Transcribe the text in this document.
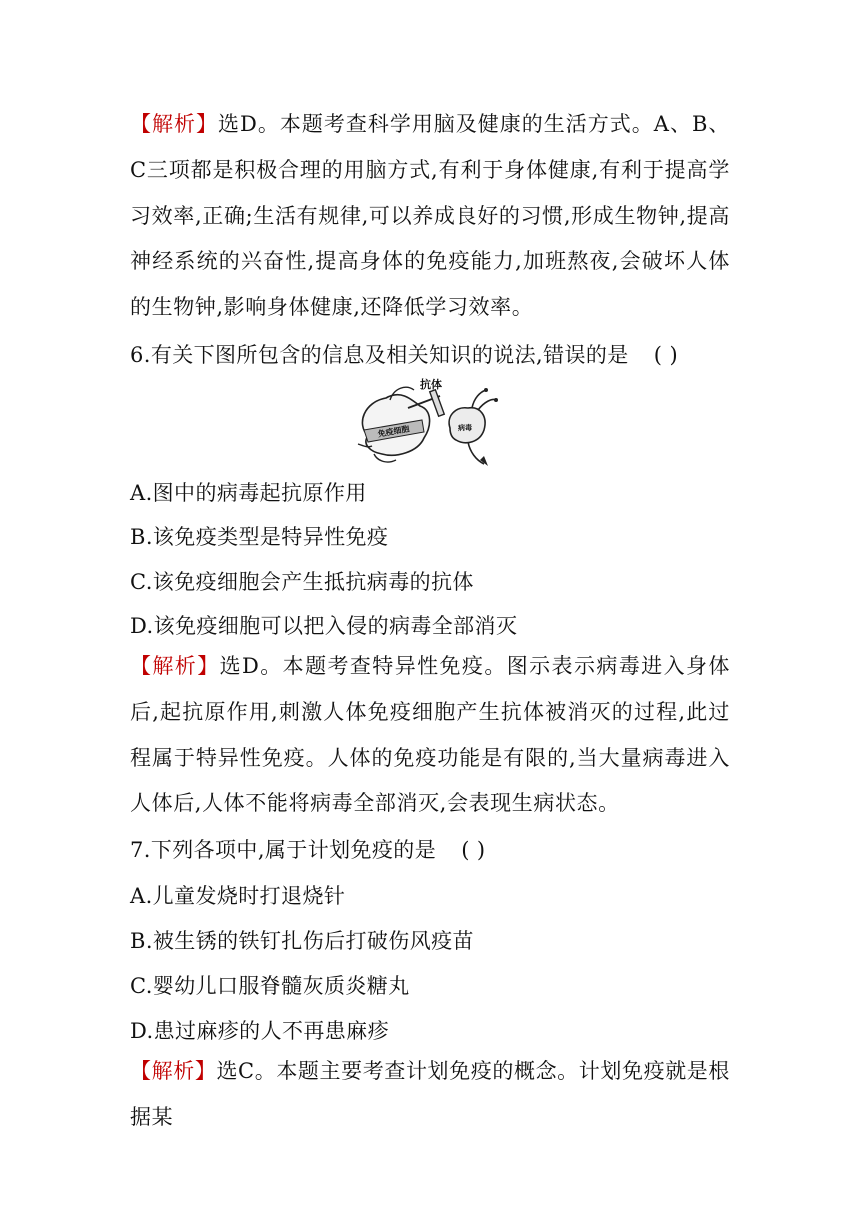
【解析】选D。本题考查科学用脑及健康的生活方式。A、B、C三项都是积极合理的用脑方式,有利于身体健康,有利于提高学习效率,正确;生活有规律,可以养成良好的习惯,形成生物钟,提高神经系统的兴奋性,提高身体的免疫能力,加班熬夜,会破坏人体的生物钟,影响身体健康,还降低学习效率。
6.有关下图所包含的信息及相关知识的说法,错误的是 ( )
免疫细胞
抗体
病毒
A.图中的病毒起抗原作用
B.该免疫类型是特异性免疫
C.该免疫细胞会产生抵抗病毒的抗体
D.该免疫细胞可以把入侵的病毒全部消灭
【解析】选D。本题考查特异性免疫。图示表示病毒进入身体后,起抗原作用,刺激人体免疫细胞产生抗体被消灭的过程,此过程属于特异性免疫。人体的免疫功能是有限的,当大量病毒进入人体后,人体不能将病毒全部消灭,会表现生病状态。
7.下列各项中,属于计划免疫的是 ( )
A.儿童发烧时打退烧针
B.被生锈的铁钉扎伤后打破伤风疫苗
C.婴幼儿口服脊髓灰质炎糖丸
D.患过麻疹的人不再患麻疹
【解析】选C。本题主要考查计划免疫的概念。计划免疫就是根据某
